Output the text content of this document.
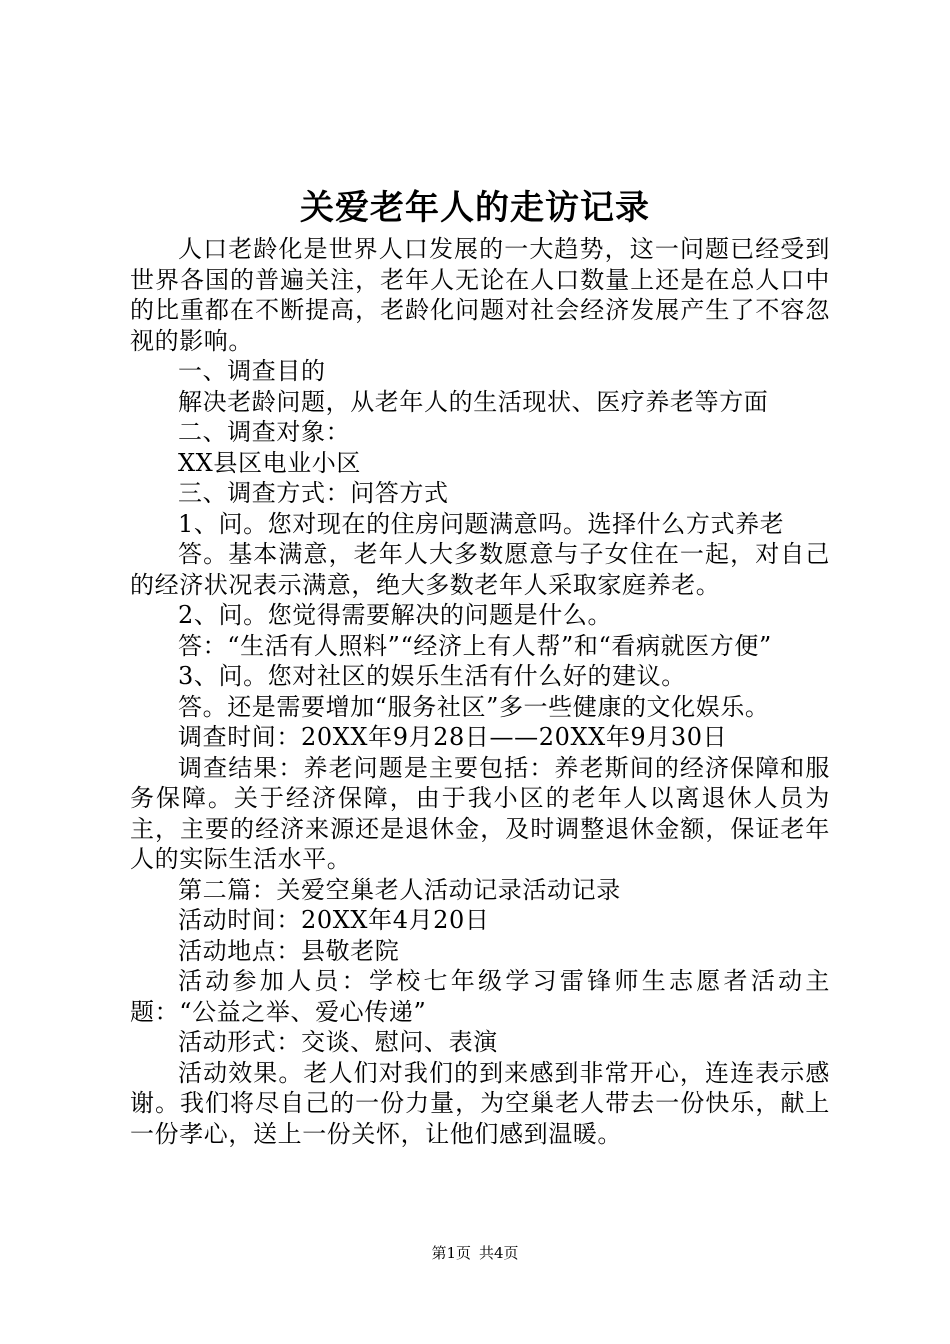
关爱老年人的走访记录

人口老龄化是世界人口发展的一大趋势，这一问题已经受到世界各国的普遍关注，老年人无论在人口数量上还是在总人口中的比重都在不断提高，老龄化问题对社会经济发展产生了不容忽视的影响。

一、调查目的

解决老龄问题，从老年人的生活现状、医疗养老等方面

二、调查对象：

XX县区电业小区

三、调查方式：问答方式

1、问。您对现在的住房问题满意吗。选择什么方式养老

答。基本满意，老年人大多数愿意与子女住在一起，对自己的经济状况表示满意，绝大多数老年人采取家庭养老。

2、问。您觉得需要解决的问题是什么。

答：“生活有人照料”“经济上有人帮”和“看病就医方便”

3、问。您对社区的娱乐生活有什么好的建议。

答。还是需要增加“服务社区”多一些健康的文化娱乐。

调查时间：20XX年9月28日——20XX年9月30日

调查结果：养老问题是主要包括：养老斯间的经济保障和服务保障。关于经济保障，由于我小区的老年人以离退休人员为主，主要的经济来源还是退休金，及时调整退休金额，保证老年人的实际生活水平。

第二篇：关爱空巢老人活动记录活动记录

活动时间：20XX年4月20日

活动地点：县敬老院

活动参加人员：学校七年级学习雷锋师生志愿者活动主题：“公益之举、爱心传递”

活动形式：交谈、慰问、表演

活动效果。老人们对我们的到来感到非常开心，连连表示感谢。我们将尽自己的一份力量，为空巢老人带去一份快乐，献上一份孝心，送上一份关怀，让他们感到温暖。

第1页 共4页
